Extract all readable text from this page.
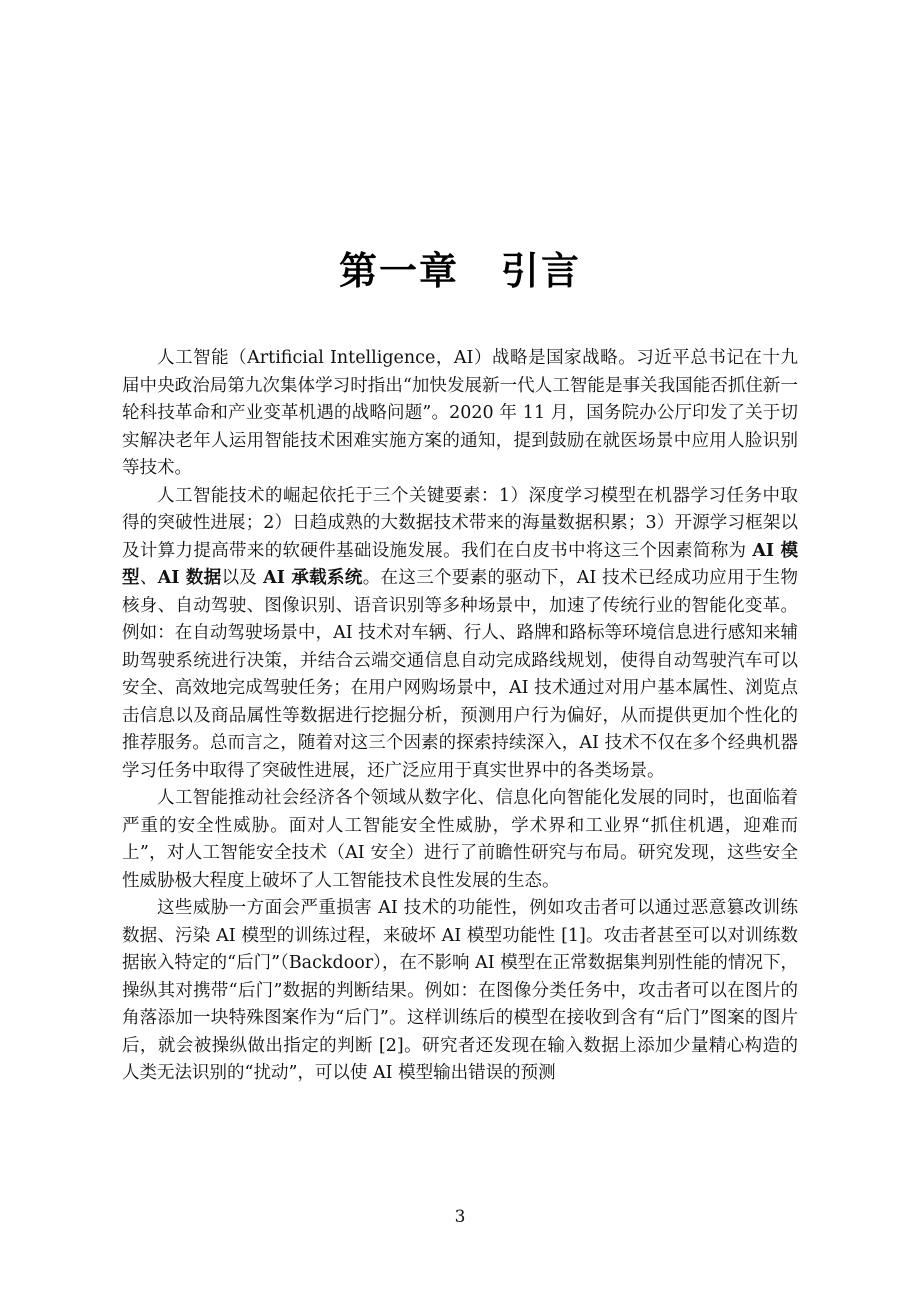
第一章 引言

人工智能（Artificial Intelligence，AI）战略是国家战略。习近平总书记在十九届中央政治局第九次集体学习时指出“加快发展新一代人工智能是事关我国能否抓住新一轮科技革命和产业变革机遇的战略问题”。2020 年 11 月，国务院办公厅印发了关于切实解决老年人运用智能技术困难实施方案的通知，提到鼓励在就医场景中应用人脸识别等技术。

人工智能技术的崛起依托于三个关键要素：1）深度学习模型在机器学习任务中取得的突破性进展；2）日趋成熟的大数据技术带来的海量数据积累；3）开源学习框架以及计算力提高带来的软硬件基础设施发展。我们在白皮书中将这三个因素简称为 AI 模型、AI 数据以及 AI 承载系统。在这三个要素的驱动下，AI 技术已经成功应用于生物核身、自动驾驶、图像识别、语音识别等多种场景中，加速了传统行业的智能化变革。例如：在自动驾驶场景中，AI 技术对车辆、行人、路牌和路标等环境信息进行感知来辅助驾驶系统进行决策，并结合云端交通信息自动完成路线规划，使得自动驾驶汽车可以安全、高效地完成驾驶任务；在用户网购场景中，AI 技术通过对用户基本属性、浏览点击信息以及商品属性等数据进行挖掘分析，预测用户行为偏好，从而提供更加个性化的推荐服务。总而言之，随着对这三个因素的探索持续深入，AI 技术不仅在多个经典机器学习任务中取得了突破性进展，还广泛应用于真实世界中的各类场景。

人工智能推动社会经济各个领域从数字化、信息化向智能化发展的同时，也面临着严重的安全性威胁。面对人工智能安全性威胁，学术界和工业界“抓住机遇，迎难而上”，对人工智能安全技术（AI 安全）进行了前瞻性研究与布局。研究发现，这些安全性威胁极大程度上破坏了人工智能技术良性发展的生态。

这些威胁一方面会严重损害 AI 技术的功能性，例如攻击者可以通过恶意篡改训练数据、污染 AI 模型的训练过程，来破坏 AI 模型功能性 [1]。攻击者甚至可以对训练数据嵌入特定的“后门”（Backdoor），在不影响 AI 模型在正常数据集判别性能的情况下，操纵其对携带“后门”数据的判断结果。例如：在图像分类任务中，攻击者可以在图片的角落添加一块特殊图案作为“后门”。这样训练后的模型在接收到含有“后门”图案的图片后，就会被操纵做出指定的判断 [2]。研究者还发现在输入数据上添加少量精心构造的人类无法识别的“扰动”，可以使 AI 模型输出错误的预测

3
